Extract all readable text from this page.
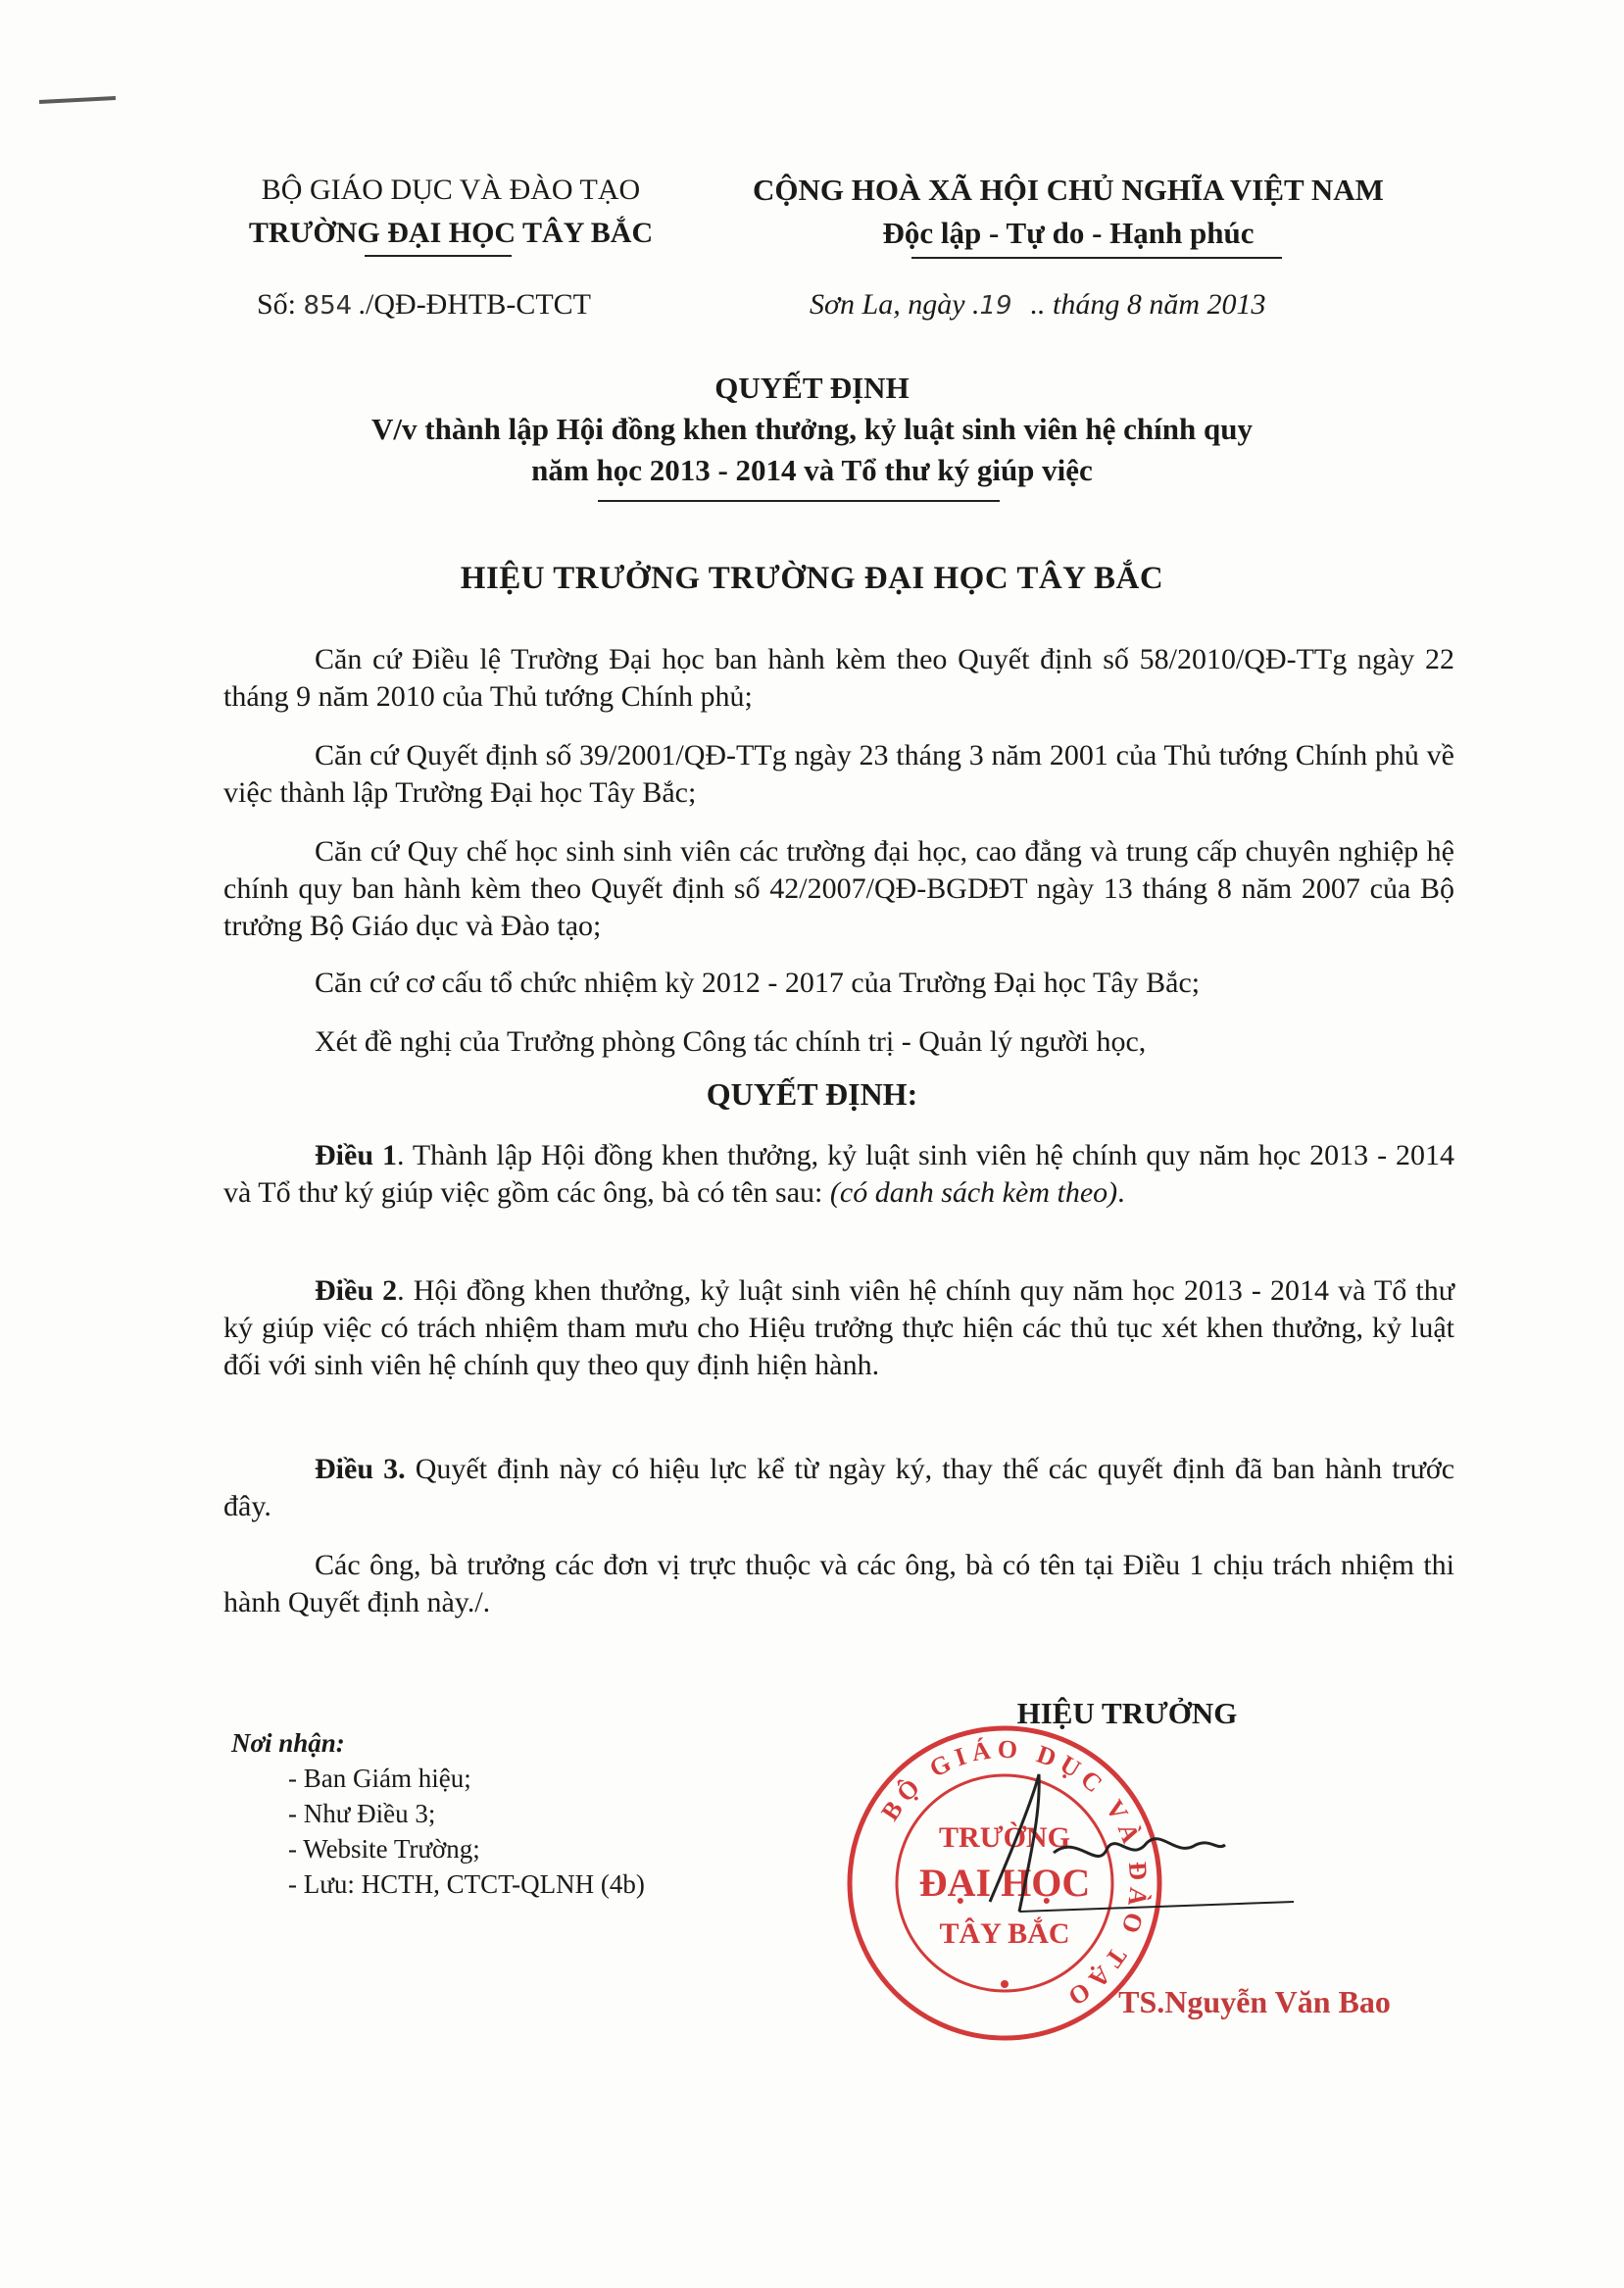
BỘ GIÁO DỤC VÀ ĐÀO TẠO
TRƯỜNG ĐẠI HỌC TÂY BẮC
CỘNG HOÀ XÃ HỘI CHỦ NGHĨA VIỆT NAM
Độc lập - Tự do - Hạnh phúc
Số: 854 ./QĐ-ĐHTB-CTCT	Sơn La, ngày .19 .. tháng 8 năm 2013
QUYẾT ĐỊNH
V/v thành lập Hội đồng khen thưởng, kỷ luật sinh viên hệ chính quy
năm học 2013 - 2014 và Tổ thư ký giúp việc
HIỆU TRƯỞNG TRƯỜNG ĐẠI HỌC TÂY BẮC
Căn cứ Điều lệ Trường Đại học ban hành kèm theo Quyết định số 58/2010/QĐ-TTg ngày 22 tháng 9 năm 2010 của Thủ tướng Chính phủ;
Căn cứ Quyết định số 39/2001/QĐ-TTg ngày 23 tháng 3 năm 2001 của Thủ tướng Chính phủ về việc thành lập Trường Đại học Tây Bắc;
Căn cứ Quy chế học sinh sinh viên các trường đại học, cao đẳng và trung cấp chuyên nghiệp hệ chính quy ban hành kèm theo Quyết định số 42/2007/QĐ-BGDĐT ngày 13 tháng 8 năm 2007 của Bộ trưởng Bộ Giáo dục và Đào tạo;
Căn cứ cơ cấu tổ chức nhiệm kỳ 2012 - 2017 của Trường Đại học Tây Bắc;
Xét đề nghị của Trưởng phòng Công tác chính trị - Quản lý người học,
QUYẾT ĐỊNH:
Điều 1. Thành lập Hội đồng khen thưởng, kỷ luật sinh viên hệ chính quy năm học 2013 - 2014 và Tổ thư ký giúp việc gồm các ông, bà có tên sau: (có danh sách kèm theo).
Điều 2. Hội đồng khen thưởng, kỷ luật sinh viên hệ chính quy năm học 2013 - 2014 và Tổ thư ký giúp việc có trách nhiệm tham mưu cho Hiệu trưởng thực hiện các thủ tục xét khen thưởng, kỷ luật đối với sinh viên hệ chính quy theo quy định hiện hành.
Điều 3. Quyết định này có hiệu lực kể từ ngày ký, thay thế các quyết định đã ban hành trước đây.
Các ông, bà trưởng các đơn vị trực thuộc và các ông, bà có tên tại Điều 1 chịu trách nhiệm thi hành Quyết định này./.
HIỆU TRƯỞNG
Nơi nhận:
- Ban Giám hiệu;
- Như Điều 3;
- Website Trường;
- Lưu: HCTH, CTCT-QLNH (4b)
BỘ GIÁO DỤC VÀ ĐÀO TẠO
TRƯỜNG
ĐẠI HỌC
TÂY BẮC
TS.Nguyễn Văn Bao
